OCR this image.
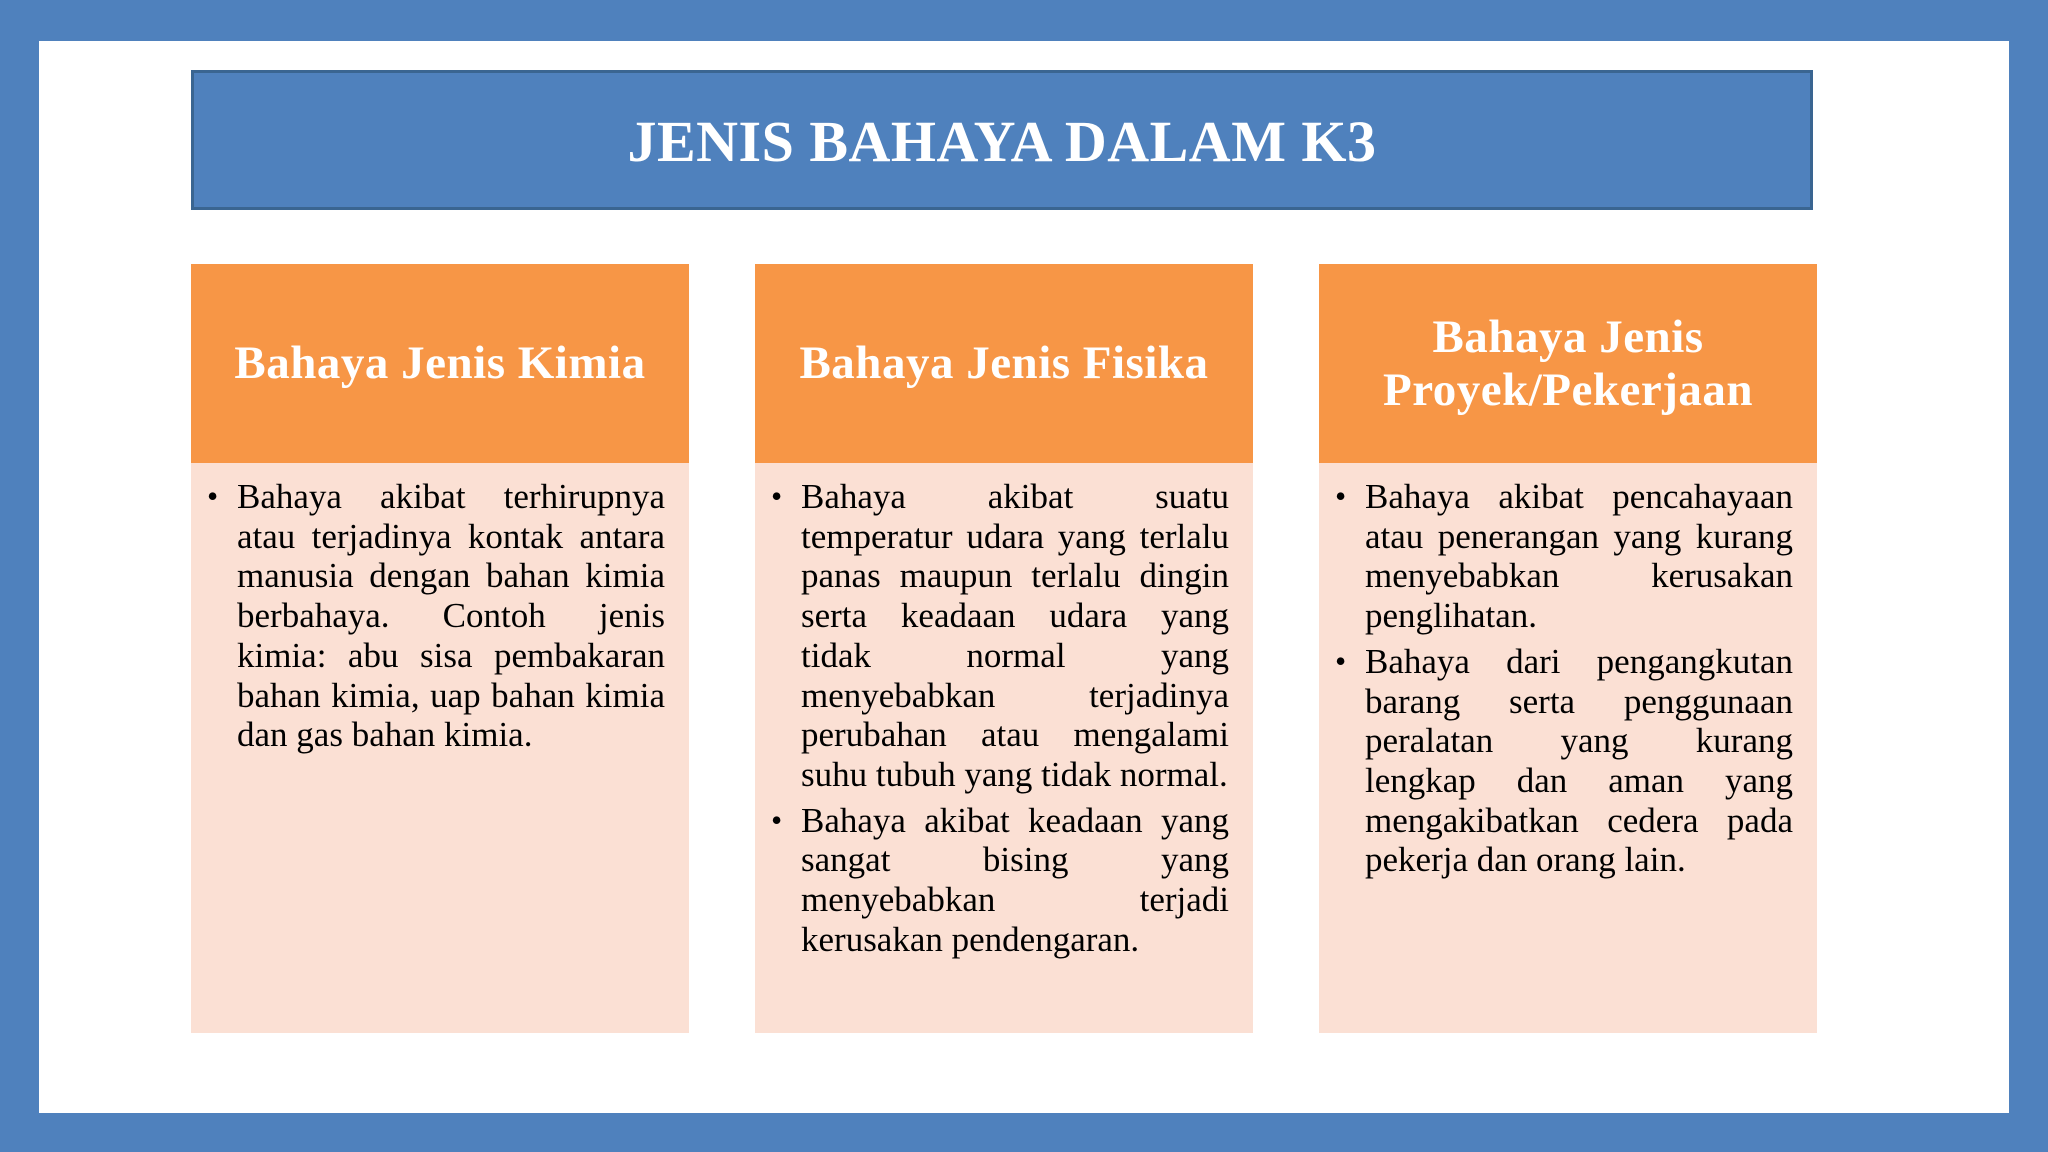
JENIS BAHAYA DALAM K3
Bahaya Jenis Kimia
• Bahaya akibat terhirupnya atau terjadinya kontak antara manusia dengan bahan kimia berbahaya. Contoh jenis kimia: abu sisa pembakaran bahan kimia, uap bahan kimia dan gas bahan kimia.
Bahaya Jenis Fisika
• Bahaya akibat suatu temperatur udara yang terlalu panas maupun terlalu dingin serta keadaan udara yang tidak normal yang menyebabkan terjadinya perubahan atau mengalami suhu tubuh yang tidak normal.
• Bahaya akibat keadaan yang sangat bising yang menyebabkan terjadi kerusakan pendengaran.
Bahaya Jenis Proyek/Pekerjaan
• Bahaya akibat pencahayaan atau penerangan yang kurang menyebabkan kerusakan penglihatan.
• Bahaya dari pengangkutan barang serta penggunaan peralatan yang kurang lengkap dan aman yang mengakibatkan cedera pada pekerja dan orang lain.
